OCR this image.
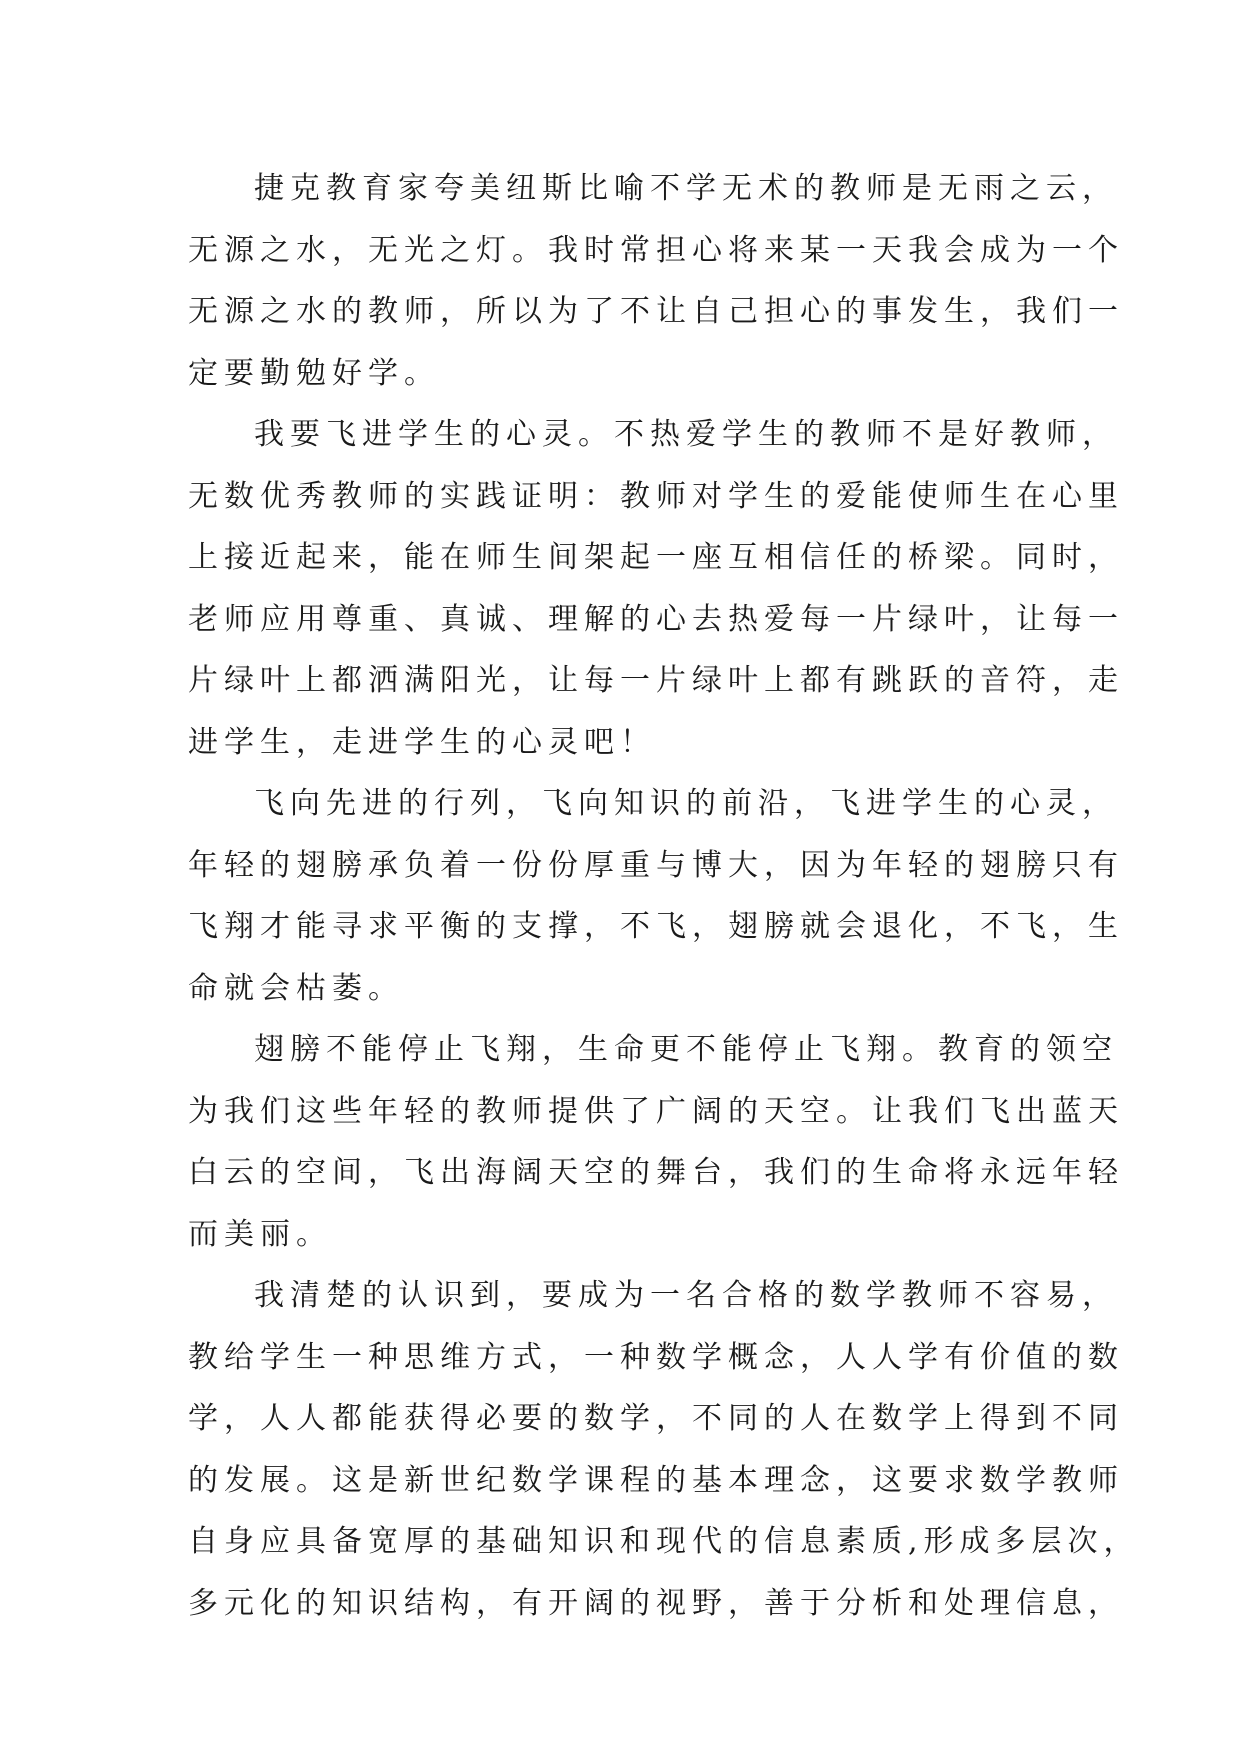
捷克教育家夸美纽斯比喻不学无术的教师是无雨之云，
无源之水，无光之灯。我时常担心将来某一天我会成为一个
无源之水的教师，所以为了不让自己担心的事发生，我们一
定要勤勉好学。

我要飞进学生的心灵。不热爱学生的教师不是好教师，
无数优秀教师的实践证明：教师对学生的爱能使师生在心里
上接近起来，能在师生间架起一座互相信任的桥梁。同时，
老师应用尊重、真诚、理解的心去热爱每一片绿叶，让每一
片绿叶上都洒满阳光，让每一片绿叶上都有跳跃的音符，走
进学生，走进学生的心灵吧！

飞向先进的行列，飞向知识的前沿，飞进学生的心灵，
年轻的翅膀承负着一份份厚重与博大，因为年轻的翅膀只有
飞翔才能寻求平衡的支撑，不飞，翅膀就会退化，不飞，生
命就会枯萎。

翅膀不能停止飞翔，生命更不能停止飞翔。教育的领空
为我们这些年轻的教师提供了广阔的天空。让我们飞出蓝天
白云的空间，飞出海阔天空的舞台，我们的生命将永远年轻
而美丽。

我清楚的认识到，要成为一名合格的数学教师不容易，
教给学生一种思维方式，一种数学概念，人人学有价值的数
学，人人都能获得必要的数学，不同的人在数学上得到不同
的发展。这是新世纪数学课程的基本理念，这要求数学教师
自身应具备宽厚的基础知识和现代的信息素质,形成多层次，
多元化的知识结构，有开阔的视野，善于分析和处理信息，
